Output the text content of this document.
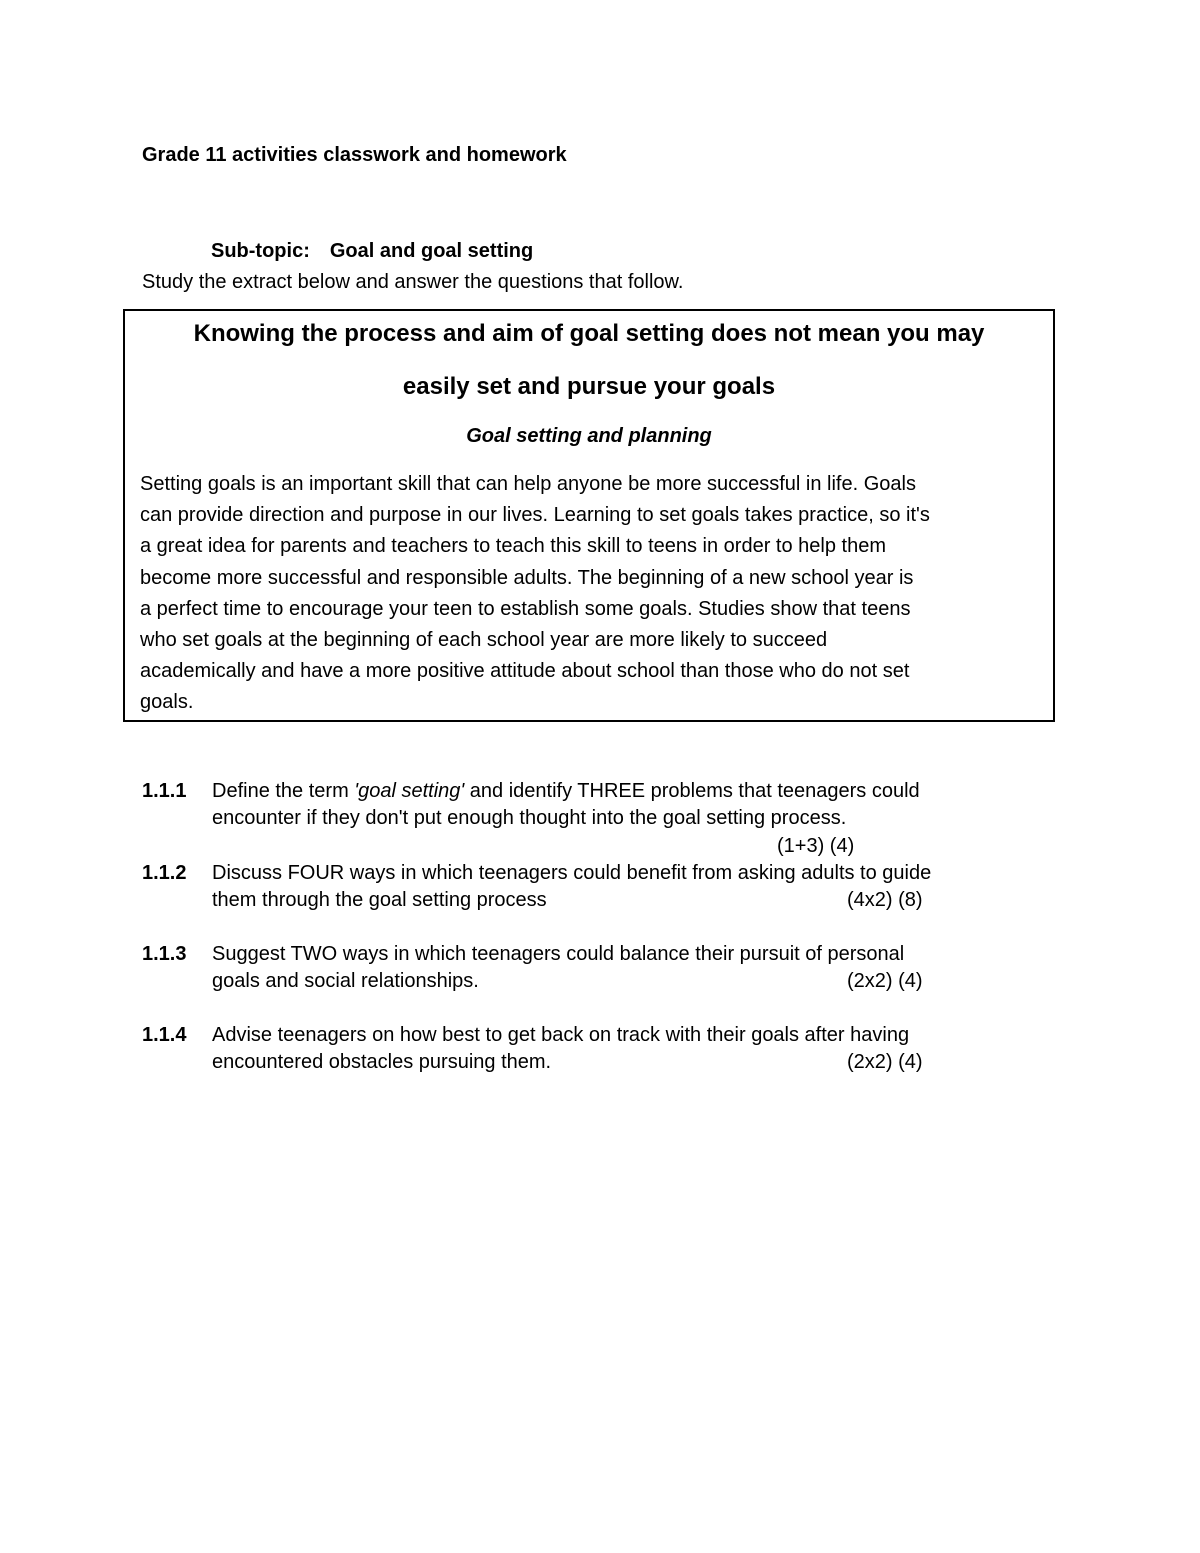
Grade 11 activities classwork and homework
Sub-topic: Goal and goal setting
Study the extract below and answer the questions that follow.
Knowing the process and aim of goal setting does not mean you may
easily set and pursue your goals
Goal setting and planning
Setting goals is an important skill that can help anyone be more successful in life. Goals
can provide direction and purpose in our lives. Learning to set goals takes practice, so it's
a great idea for parents and teachers to teach this skill to teens in order to help them
become more successful and responsible adults. The beginning of a new school year is
a perfect time to encourage your teen to establish some goals. Studies show that teens
who set goals at the beginning of each school year are more likely to succeed
academically and have a more positive attitude about school than those who do not set
goals.
1.1.1 Define the term 'goal setting' and identify THREE problems that teenagers could
encounter if they don't put enough thought into the goal setting process.
(1+3) (4)
1.1.2 Discuss FOUR ways in which teenagers could benefit from asking adults to guide
them through the goal setting process	(4x2) (8)
1.1.3 Suggest TWO ways in which teenagers could balance their pursuit of personal
goals and social relationships.	(2x2) (4)
1.1.4 Advise teenagers on how best to get back on track with their goals after having
encountered obstacles pursuing them.	(2x2) (4)
